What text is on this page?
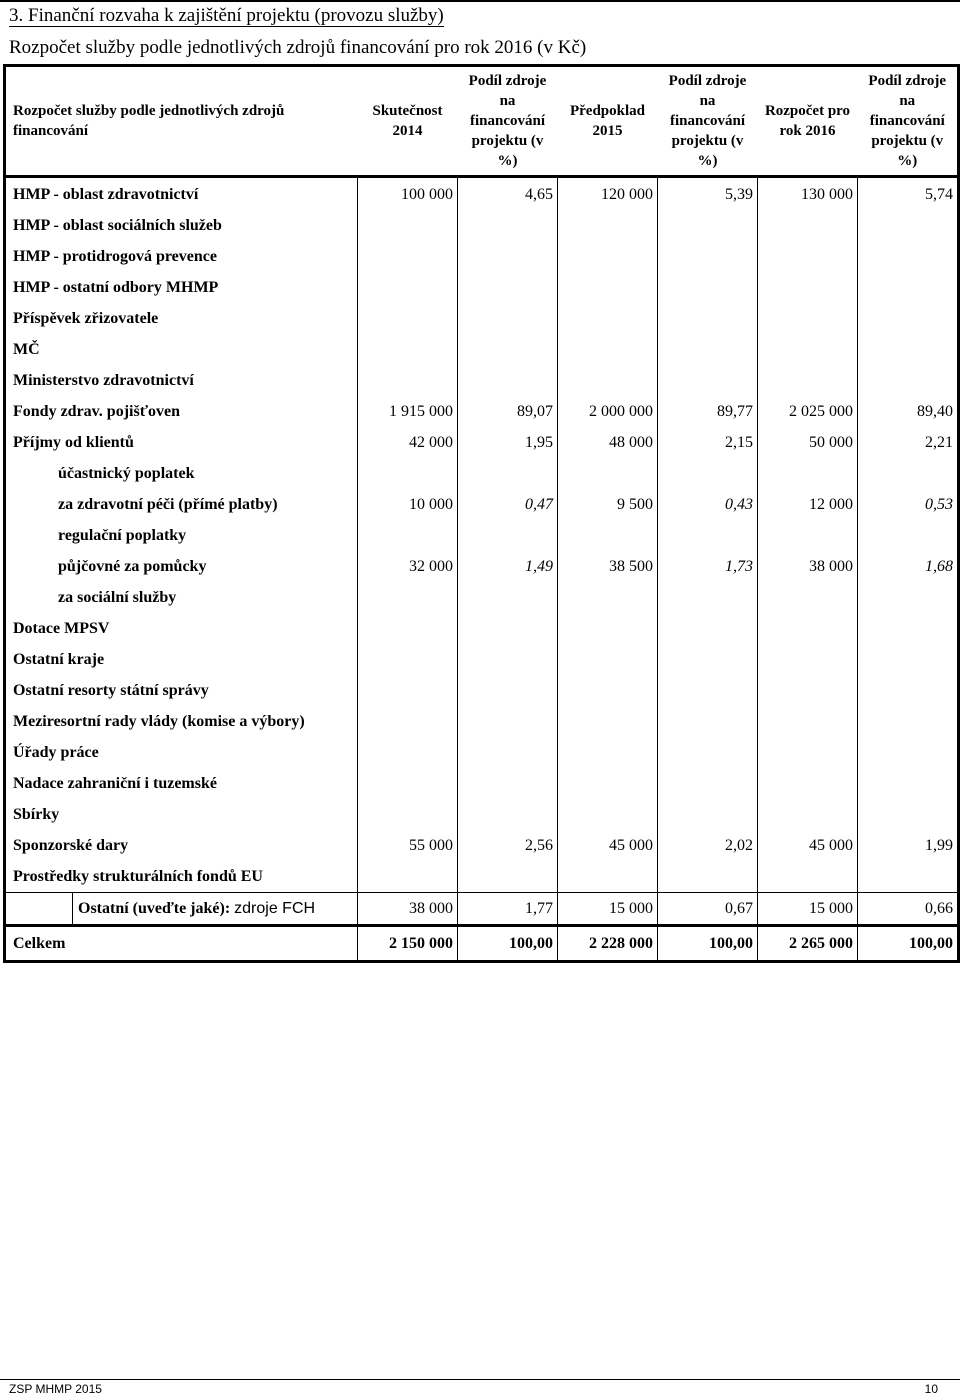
3. Finanční rozvaha k zajištění projektu (provozu služby)
Rozpočet služby podle jednotlivých zdrojů financování pro rok 2016 (v Kč)
Rozpočet služby podle jednotlivých zdrojů financování	Skutečnost 2014	Podíl zdroje na financování projektu (v %)	Předpoklad 2015	Podíl zdroje na financování projektu (v %)	Rozpočet pro rok 2016	Podíl zdroje na financování projektu (v %)
HMP - oblast zdravotnictví	100 000	4,65	120 000	5,39	130 000	5,74
HMP - oblast sociálních služeb						
HMP - protidrogová prevence						
HMP - ostatní odbory MHMP						
Příspěvek zřizovatele						
MČ						
Ministerstvo zdravotnictví						
Fondy zdrav. pojišťoven	1 915 000	89,07	2 000 000	89,77	2 025 000	89,40
Příjmy od klientů	42 000	1,95	48 000	2,15	50 000	2,21
účastnický poplatek						
za zdravotní péči (přímé platby)	10 000	0,47	9 500	0,43	12 000	0,53
regulační poplatky						
půjčovné za pomůcky	32 000	1,49	38 500	1,73	38 000	1,68
za sociální služby						
Dotace MPSV						
Ostatní kraje						
Ostatní resorty státní správy						
Meziresortní rady vlády (komise a výbory)						
Úřady práce						
Nadace zahraniční i tuzemské						
Sbírky						
Sponzorské dary	55 000	2,56	45 000	2,02	45 000	1,99
Prostředky strukturálních fondů EU						

Ostatní (uveďte jaké): zdroje FCH	38 000	1,77	15 000	0,67	15 000	0,66
Celkem	2 150 000	100,00	2 228 000	100,00	2 265 000	100,00
ZSP MHMP 2015	10
